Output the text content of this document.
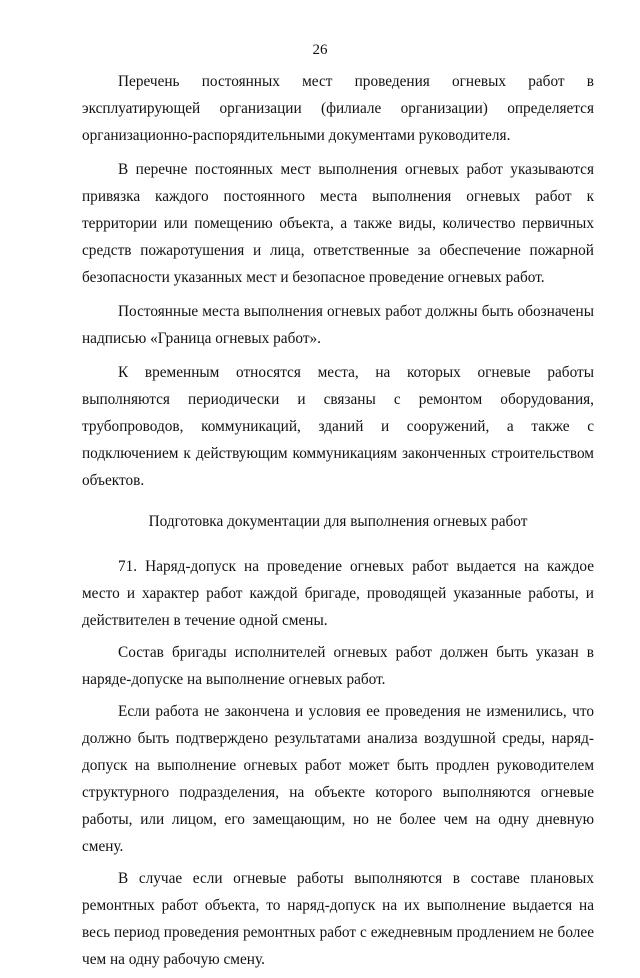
26

Перечень постоянных мест проведения огневых работ в эксплуатирующей организации (филиале организации) определяется организационно-распорядительными документами руководителя.

В перечне постоянных мест выполнения огневых работ указываются привязка каждого постоянного места выполнения огневых работ к территории или помещению объекта, а также виды, количество первичных средств пожаротушения и лица, ответственные за обеспечение пожарной безопасности указанных мест и безопасное проведение огневых работ.

Постоянные места выполнения огневых работ должны быть обозначены надписью «Граница огневых работ».

К временным относятся места, на которых огневые работы выполняются периодически и связаны с ремонтом оборудования, трубопроводов, коммуникаций, зданий и сооружений, а также с подключением к действующим коммуникациям законченных строительством объектов.

Подготовка документации для выполнения огневых работ

71. Наряд-допуск на проведение огневых работ выдается на каждое место и характер работ каждой бригаде, проводящей указанные работы, и действителен в течение одной смены.

Состав бригады исполнителей огневых работ должен быть указан в наряде-допуске на выполнение огневых работ.

Если работа не закончена и условия ее проведения не изменились, что должно быть подтверждено результатами анализа воздушной среды, наряд-допуск на выполнение огневых работ может быть продлен руководителем структурного подразделения, на объекте которого выполняются огневые работы, или лицом, его замещающим, но не более чем на одну дневную смену.

В случае если огневые работы выполняются в составе плановых ремонтных работ объекта, то наряд-допуск на их выполнение выдается на весь период проведения ремонтных работ с ежедневным продлением не более чем на одну рабочую смену.
